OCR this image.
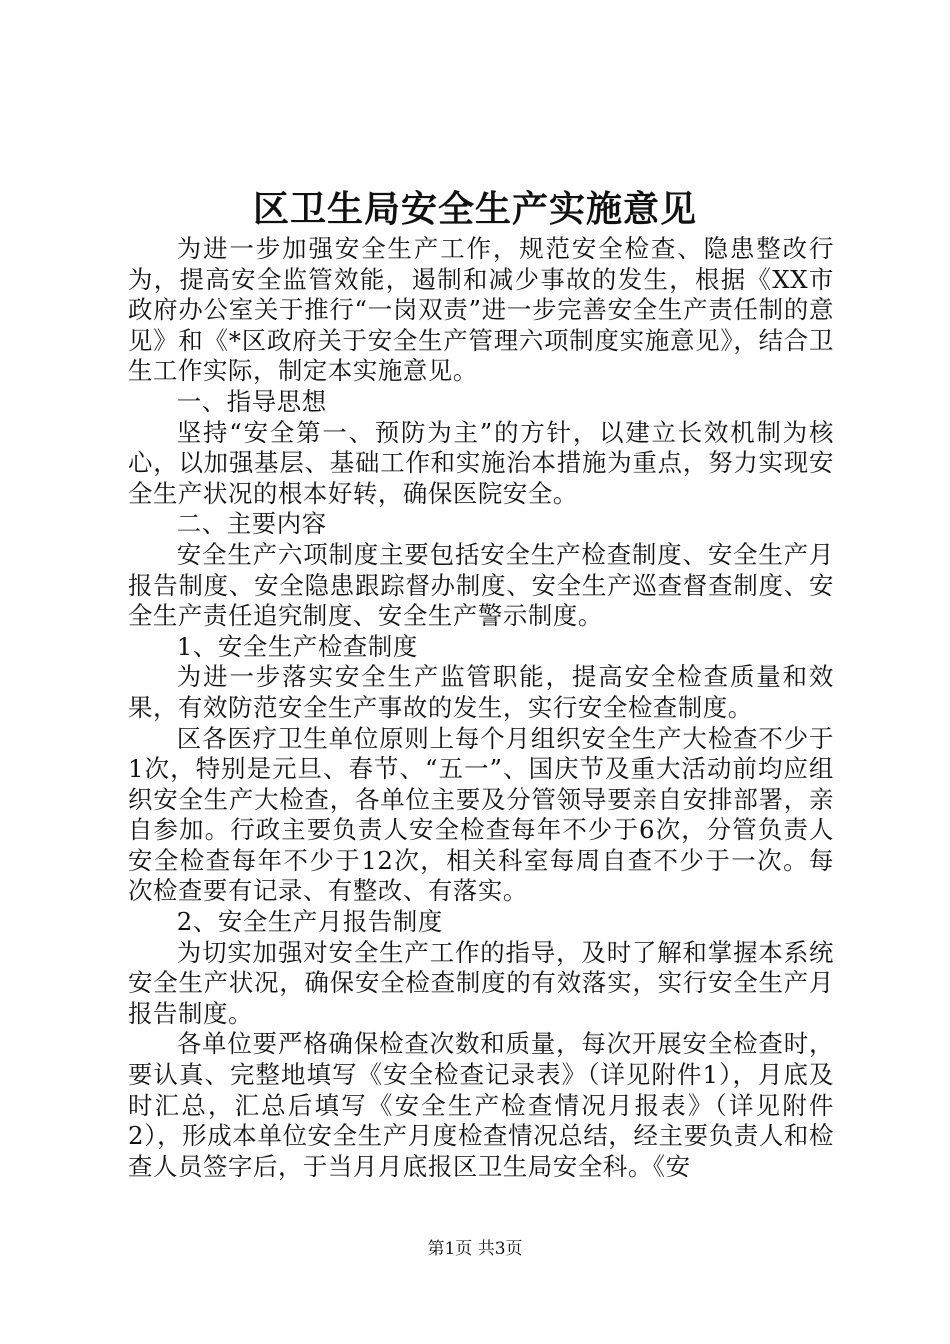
区卫生局安全生产实施意见

为进一步加强安全生产工作，规范安全检查、隐患整改行为，提高安全监管效能，遏制和减少事故的发生，根据《XX市政府办公室关于推行“一岗双责”进一步完善安全生产责任制的意见》和《*区政府关于安全生产管理六项制度实施意见》，结合卫生工作实际，制定本实施意见。

一、指导思想

坚持“安全第一、预防为主”的方针，以建立长效机制为核心，以加强基层、基础工作和实施治本措施为重点，努力实现安全生产状况的根本好转，确保医院安全。

二、主要内容

安全生产六项制度主要包括安全生产检查制度、安全生产月报告制度、安全隐患跟踪督办制度、安全生产巡查督查制度、安全生产责任追究制度、安全生产警示制度。

1、安全生产检查制度

为进一步落实安全生产监管职能，提高安全检查质量和效果，有效防范安全生产事故的发生，实行安全检查制度。

区各医疗卫生单位原则上每个月组织安全生产大检查不少于1次，特别是元旦、春节、“五一”、国庆节及重大活动前均应组织安全生产大检查，各单位主要及分管领导要亲自安排部署，亲自参加。行政主要负责人安全检查每年不少于6次，分管负责人安全检查每年不少于12次，相关科室每周自查不少于一次。每次检查要有记录、有整改、有落实。

2、安全生产月报告制度

为切实加强对安全生产工作的指导，及时了解和掌握本系统安全生产状况，确保安全检查制度的有效落实，实行安全生产月报告制度。

各单位要严格确保检查次数和质量，每次开展安全检查时，要认真、完整地填写《安全检查记录表》（详见附件1），月底及时汇总，汇总后填写《安全生产检查情况月报表》（详见附件2），形成本单位安全生产月度检查情况总结，经主要负责人和检查人员签字后，于当月月底报区卫生局安全科。《安

第1页 共3页
